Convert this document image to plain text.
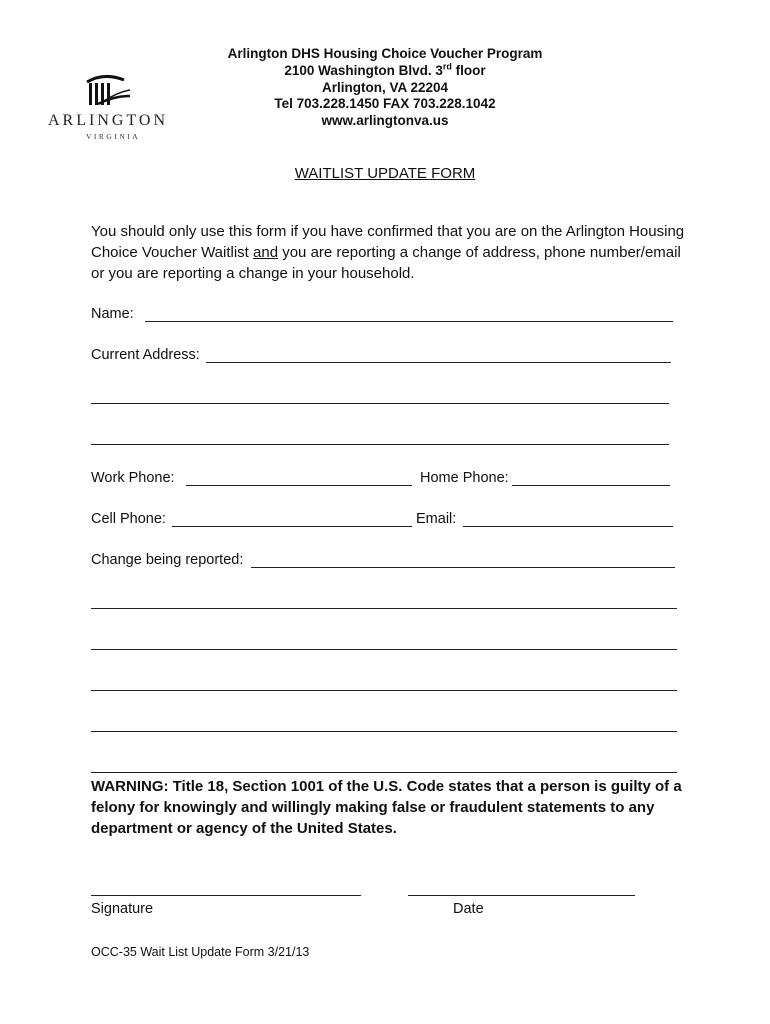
ARLINGTON
VIRGINIA
Arlington DHS Housing Choice Voucher Program
2100 Washington Blvd. 3rd floor
Arlington, VA 22204
Tel 703.228.1450 FAX 703.228.1042
www.arlingtonva.us
WAITLIST UPDATE FORM
You should only use this form if you have confirmed that you are on the Arlington Housing Choice Voucher Waitlist and you are reporting a change of address, phone number/email or you are reporting a change in your household.
Name:
Current Address:
Work Phone:	Home Phone:
Cell Phone:	Email:
Change being reported:
WARNING: Title 18, Section 1001 of the U.S. Code states that a person is guilty of a felony for knowingly and willingly making false or fraudulent statements to any department or agency of the United States.
Signature	Date
OCC-35 Wait List Update Form 3/21/13
